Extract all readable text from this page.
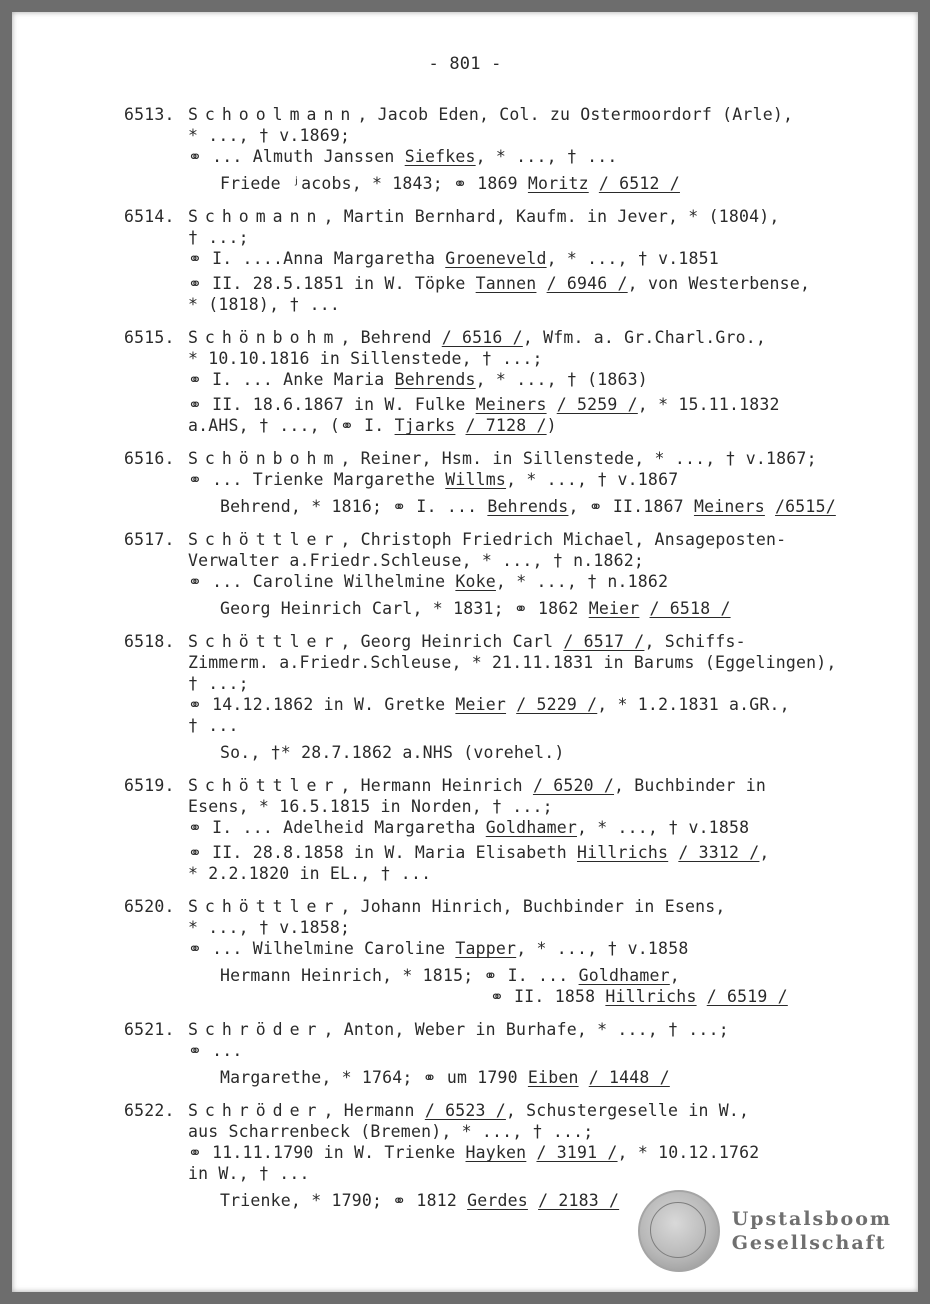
- 801 -
6513. Schoolmann, Jacob Eden, Col. zu Ostermoordorf (Arle),
* ..., † v.1869;
⚭ ... Almuth Janssen Siefkes, * ..., † ...
Friede ʲacobs, * 1843; ⚭ 1869 Moritz / 6512 /
6514. Schomann, Martin Bernhard, Kaufm. in Jever, * (1804),
† ...;
⚭ I. ....Anna Margaretha Groeneveld, * ..., † v.1851
⚭ II. 28.5.1851 in W. Töpke Tannen / 6946 /, von Westerbense,
* (1818), † ...
6515. Schönbohm, Behrend / 6516 /, Wfm. a. Gr.Charl.Gro.,
* 10.10.1816 in Sillenstede, † ...;
⚭ I. ... Anke Maria Behrends, * ..., † (1863)
⚭ II. 18.6.1867 in W. Fulke Meiners / 5259 /, * 15.11.1832
a.AHS, † ..., (⚭ I. Tjarks / 7128 /)
6516. Schönbohm, Reiner, Hsm. in Sillenstede, * ..., † v.1867;
⚭ ... Trienke Margarethe Willms, * ..., † v.1867
Behrend, * 1816; ⚭ I. ... Behrends, ⚭ II.1867 Meiners /6515/
6517. Schöttler, Christoph Friedrich Michael, Ansageposten-
Verwalter a.Friedr.Schleuse, * ..., † n.1862;
⚭ ... Caroline Wilhelmine Koke, * ..., † n.1862
Georg Heinrich Carl, * 1831; ⚭ 1862 Meier / 6518 /
6518. Schöttler, Georg Heinrich Carl / 6517 /, Schiffs-
Zimmerm. a.Friedr.Schleuse, * 21.11.1831 in Barums (Eggelingen),
† ...;
⚭ 14.12.1862 in W. Gretke Meier / 5229 /, * 1.2.1831 a.GR.,
† ...
So., †* 28.7.1862 a.NHS (vorehel.)
6519. Schöttler, Hermann Heinrich / 6520 /, Buchbinder in
Esens, * 16.5.1815 in Norden, † ...;
⚭ I. ... Adelheid Margaretha Goldhamer, * ..., † v.1858
⚭ II. 28.8.1858 in W. Maria Elisabeth Hillrichs / 3312 /,
* 2.2.1820 in EL., † ...
6520. Schöttler, Johann Hinrich, Buchbinder in Esens,
* ..., † v.1858;
⚭ ... Wilhelmine Caroline Tapper, * ..., † v.1858
Hermann Heinrich, * 1815; ⚭ I. ... Goldhamer,
⚭ II. 1858 Hillrichs / 6519 /
6521. Schröder, Anton, Weber in Burhafe, * ..., † ...;
⚭ ...
Margarethe, * 1764; ⚭ um 1790 Eiben / 1448 /
6522. Schröder, Hermann / 6523 /, Schustergeselle in W.,
aus Scharrenbeck (Bremen), * ..., † ...;
⚭ 11.11.1790 in W. Trienke Hayken / 3191 /, * 10.12.1762
in W., † ...
Trienke, * 1790; ⚭ 1812 Gerdes / 2183 /
Upstalsboom
Gesellschaft
